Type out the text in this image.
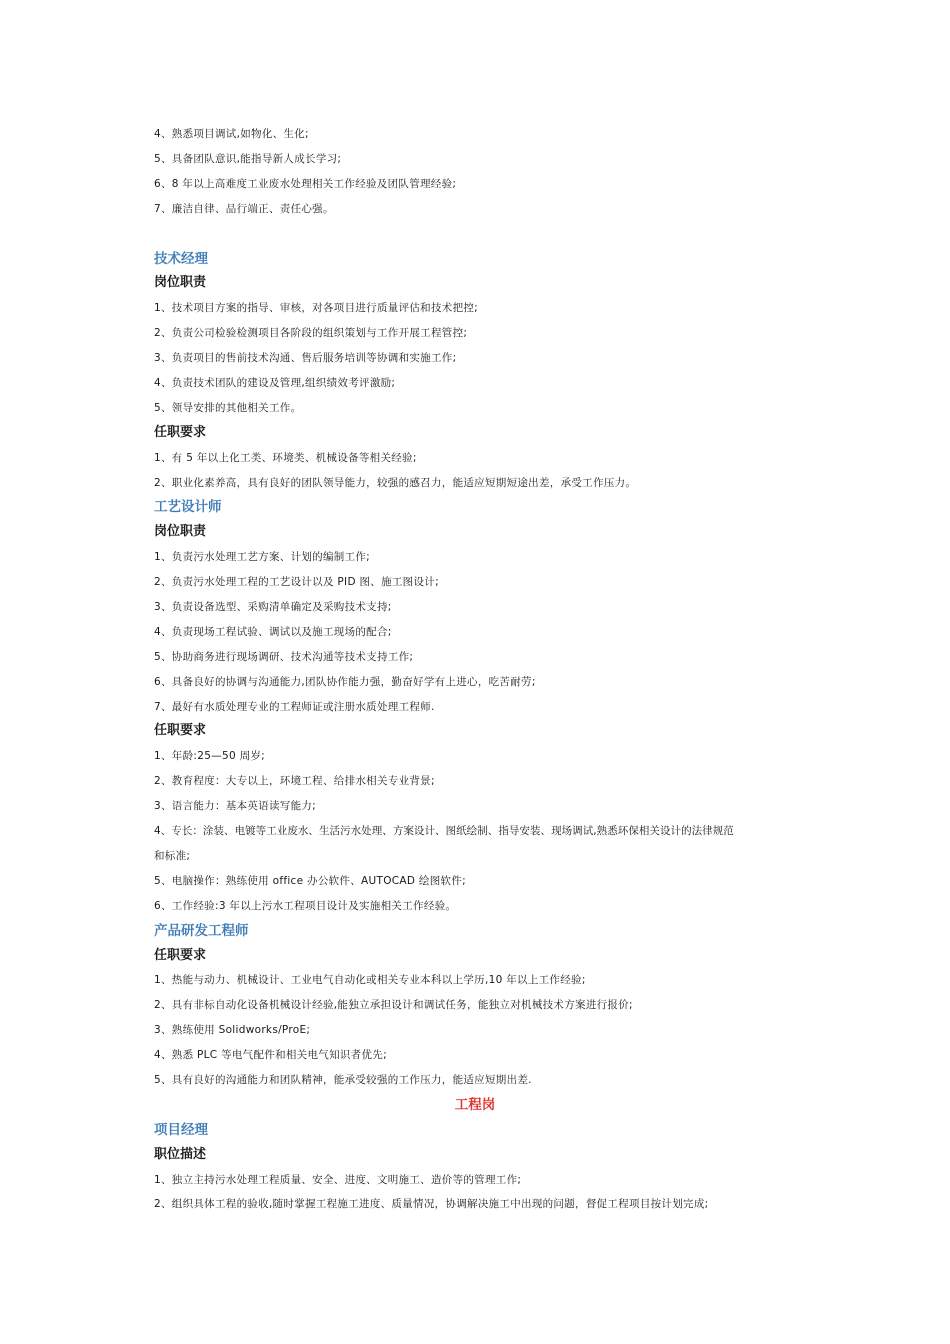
4、熟悉项目调试,如物化、生化;
5、具备团队意识,能指导新人成长学习;
6、8 年以上高难度工业废水处理相关工作经验及团队管理经验;
7、廉洁自律、品行端正、责任心强。
技术经理
岗位职责
1、技术项目方案的指导、审核，对各项目进行质量评估和技术把控;
2、负责公司检验检测项目各阶段的组织策划与工作开展工程管控;
3、负责项目的售前技术沟通、售后服务培训等协调和实施工作;
4、负责技术团队的建设及管理,组织绩效考评激励;
5、领导安排的其他相关工作。
任职要求
1、有 5 年以上化工类、环境类、机械设备等相关经验;
2、职业化素养高，具有良好的团队领导能力，较强的感召力，能适应短期短途出差，承受工作压力。
工艺设计师
岗位职责
1、负责污水处理工艺方案、计划的编制工作;
2、负责污水处理工程的工艺设计以及 PID 图、施工图设计;
3、负责设备选型、采购清单确定及采购技术支持;
4、负责现场工程试验、调试以及施工现场的配合;
5、协助商务进行现场调研、技术沟通等技术支持工作;
6、具备良好的协调与沟通能力,团队协作能力强，勤奋好学有上进心，吃苦耐劳;
7、最好有水质处理专业的工程师证或注册水质处理工程师.
任职要求
1、年龄:25—50 周岁;
2、教育程度：大专以上，环境工程、给排水相关专业背景;
3、语言能力：基本英语读写能力;
4、专长：涂装、电镀等工业废水、生活污水处理、方案设计、图纸绘制、指导安装、现场调试,熟悉环保相关设计的法律规范
和标准;
5、电脑操作：熟练使用 office 办公软件、AUTOCAD 绘图软件;
6、工作经验:3 年以上污水工程项目设计及实施相关工作经验。
产品研发工程师
任职要求
1、热能与动力、机械设计、工业电气自动化或相关专业本科以上学历,10 年以上工作经验;
2、具有非标自动化设备机械设计经验,能独立承担设计和调试任务，能独立对机械技术方案进行报价;
3、熟练使用 Solidworks/ProE;
4、熟悉 PLC 等电气配件和相关电气知识者优先;
5、具有良好的沟通能力和团队精神，能承受较强的工作压力，能适应短期出差.
工程岗
项目经理
职位描述
1、独立主持污水处理工程质量、安全、进度、文明施工、造价等的管理工作;
2、组织具体工程的验收,随时掌握工程施工进度、质量情况，协调解决施工中出现的问题，督促工程项目按计划完成;
